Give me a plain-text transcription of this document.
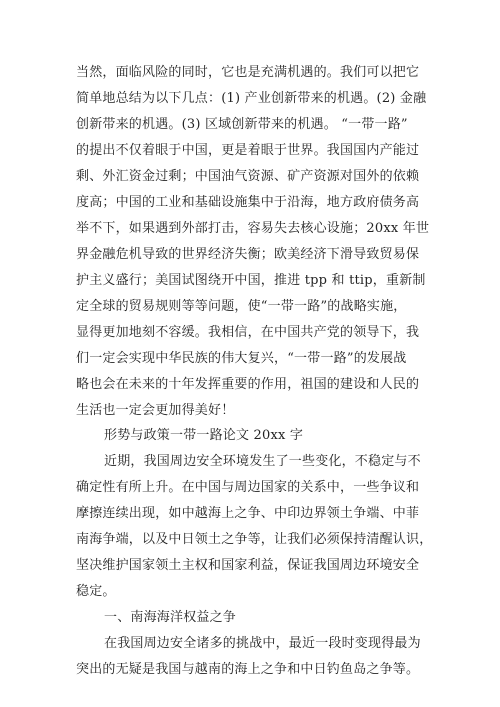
当然，面临风险的同时，它也是充满机遇的。我们可以把它
简单地总结为以下几点：(1) 产业创新带来的机遇。(2) 金融
创新带来的机遇。(3) 区域创新带来的机遇。 “一带一路”
的提出不仅着眼于中国，更是着眼于世界。我国国内产能过
剩、外汇资金过剩；中国油气资源、矿产资源对国外的依赖
度高；中国的工业和基础设施集中于沿海，地方政府债务高
举不下，如果遇到外部打击，容易失去核心设施；20xx 年世
界金融危机导致的世界经济失衡；欧美经济下滑导致贸易保
护主义盛行；美国试图绕开中国，推进 tpp 和 ttip，重新制
定全球的贸易规则等等问题，使“一带一路”的战略实施，
显得更加地刻不容缓。我相信，在中国共产党的领导下，我
们一定会实现中华民族的伟大复兴，“一带一路”的发展战
略也会在未来的十年发挥重要的作用，祖国的建设和人民的
生活也一定会更加得美好！
形势与政策一带一路论文 20xx 字
近期，我国周边安全环境发生了一些变化，不稳定与不
确定性有所上升。在中国与周边国家的关系中，一些争议和
摩擦连续出现，如中越海上之争、中印边界领土争端、中菲
南海争端，以及中日领土之争等，让我们必须保持清醒认识，
坚决维护国家领土主权和国家利益，保证我国周边环境安全
稳定。
一、南海海洋权益之争
在我国周边安全诸多的挑战中，最近一段时变现得最为
突出的无疑是我国与越南的海上之争和中日钓鱼岛之争等。
